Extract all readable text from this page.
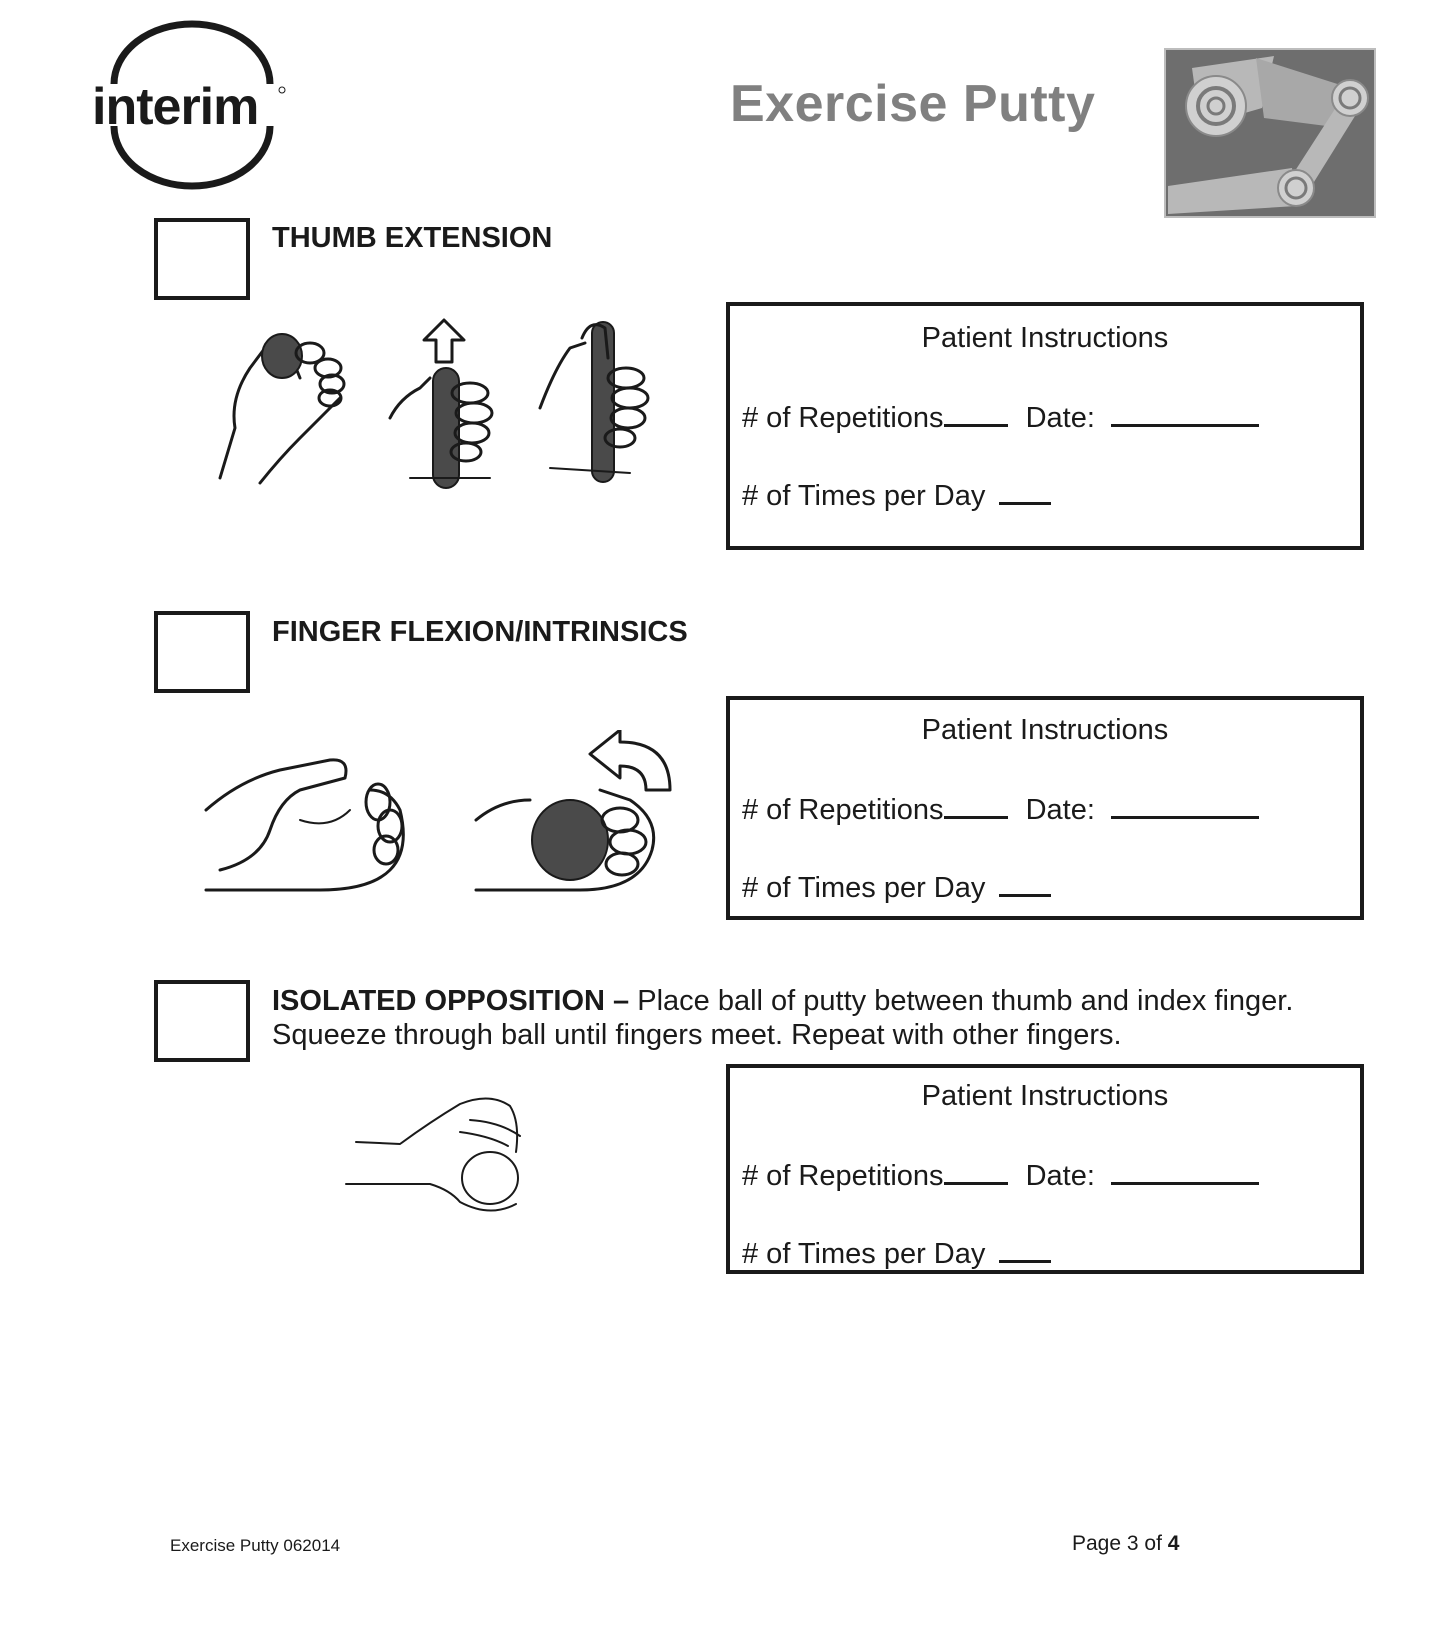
interim	Exercise Putty
THUMB EXTENSION
Patient Instructions
# of Repetitions	Date:
# of Times per Day
FINGER FLEXION/INTRINSICS
Patient Instructions
# of Repetitions	Date:
# of Times per Day
ISOLATED OPPOSITION – Place ball of putty between thumb and index finger. Squeeze through ball until fingers meet. Repeat with other fingers.
Patient Instructions
# of Repetitions	Date:
# of Times per Day
Exercise Putty 062014	Page 3 of 4
